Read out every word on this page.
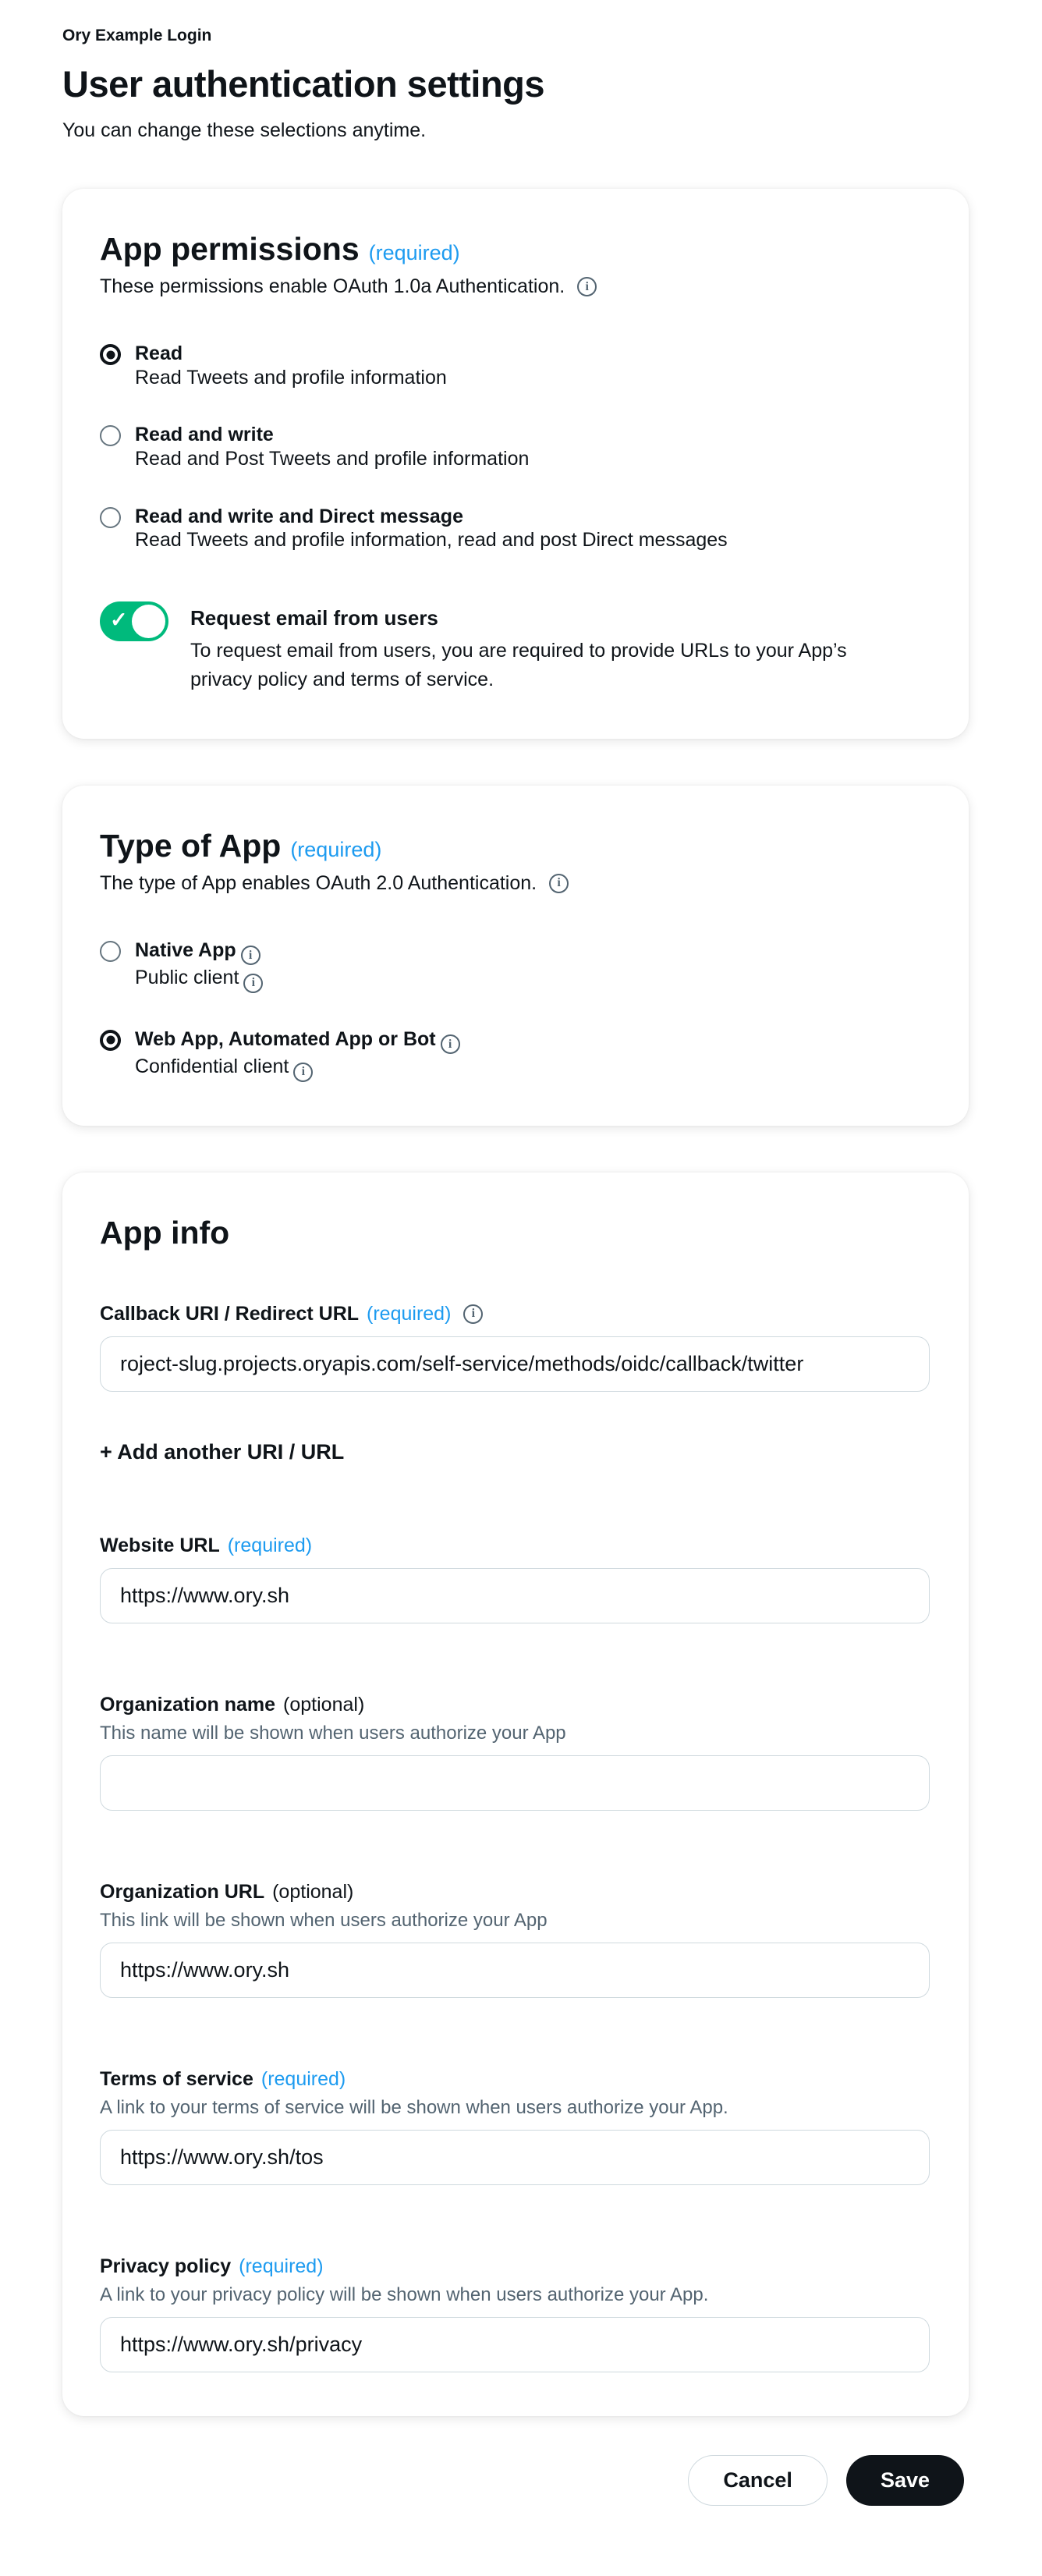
Ory Example Login
User authentication settings

You can change these selections anytime.

App permissions (required)

These permissions enable OAuth 1.0a Authentication.	i

Read
Read Tweets and profile information
Read and write
Read and Post Tweets and profile information
Read and write and Direct message
Read Tweets and profile information, read and post Direct messages
✓	Request email from users
To request email from users, you are required to provide URLs to your App’s privacy policy and terms of service.
Type of App (required)

The type of App enables OAuth 2.0 Authentication.	i

Native App i
Public client i
Web App, Automated App or Bot i
Confidential client i
App info
Callback URI / Redirect URL (required)	i
roject-slug.projects.oryapis.com/self-service/methods/oidc/callback/twitter
+ Add another URI / URL
Website URL (required)
https://www.ory.sh
Organization name (optional)
This name will be shown when users authorize your App
Organization URL (optional)
This link will be shown when users authorize your App
https://www.ory.sh
Terms of service (required)
A link to your terms of service will be shown when users authorize your App.
https://www.ory.sh/tos
Privacy policy (required)
A link to your privacy policy will be shown when users authorize your App.
https://www.ory.sh/privacy
Cancel	Save
